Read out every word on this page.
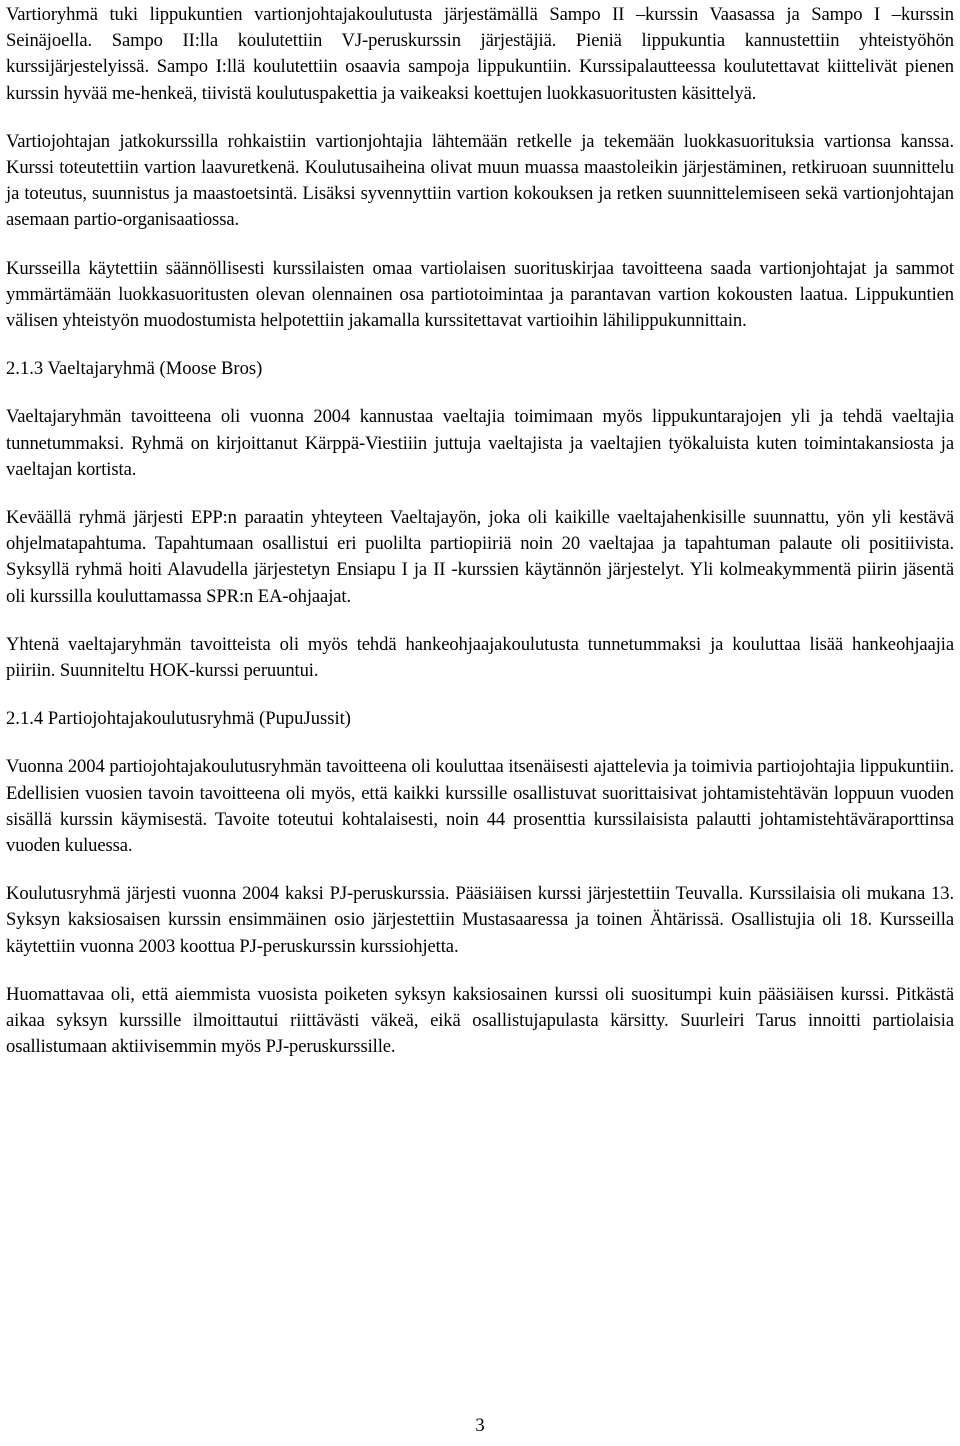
Vartioryhmä tuki lippukuntien vartionjohtajakoulutusta järjestämällä Sampo II –kurssin Vaasassa ja Sampo I –kurssin Seinäjoella. Sampo II:lla koulutettiin VJ-peruskurssin järjestäjiä. Pieniä lippukuntia kannustettiin yhteistyöhön kurssijärjestelyissä. Sampo I:llä koulutettiin osaavia sampoja lippukuntiin. Kurssipalautteessa koulutettavat kiittelivät pienen kurssin hyvää me-henkeä, tiivistä koulutuspakettia ja vaikeaksi koettujen luokkasuoritusten käsittelyä.

Vartiojohtajan jatkokurssilla rohkaistiin vartionjohtajia lähtemään retkelle ja tekemään luokkasuorituksia vartionsa kanssa. Kurssi toteutettiin vartion laavuretkenä. Koulutusaiheina olivat muun muassa maastoleikin järjestäminen, retkiruoan suunnittelu ja toteutus, suunnistus ja maastoetsintä. Lisäksi syvennyttiin vartion kokouksen ja retken suunnittelemiseen sekä vartionjohtajan asemaan partio-organisaatiossa.

Kursseilla käytettiin säännöllisesti kurssilaisten omaa vartiolaisen suorituskirjaa tavoitteena saada vartionjohtajat ja sammot ymmärtämään luokkasuoritusten olevan olennainen osa partiotoimintaa ja parantavan vartion kokousten laatua. Lippukuntien välisen yhteistyön muodostumista helpotettiin jakamalla kurssitettavat vartioihin lähilippukunnittain.

2.1.3 Vaeltajaryhmä (Moose Bros)

Vaeltajaryhmän tavoitteena oli vuonna 2004 kannustaa vaeltajia toimimaan myös lippukuntarajojen yli ja tehdä vaeltajia tunnetummaksi. Ryhmä on kirjoittanut Kärppä-Viestiiin juttuja vaeltajista ja vaeltajien työkaluista kuten toimintakansiosta ja vaeltajan kortista.

Keväällä ryhmä järjesti EPP:n paraatin yhteyteen Vaeltajayön, joka oli kaikille vaeltajahenkisille suunnattu, yön yli kestävä ohjelmatapahtuma. Tapahtumaan osallistui eri puolilta partiopiiriä noin 20 vaeltajaa ja tapahtuman palaute oli positiivista. Syksyllä ryhmä hoiti Alavudella järjestetyn Ensiapu I ja II -kurssien käytännön järjestelyt. Yli kolmeakymmentä piirin jäsentä oli kurssilla kouluttamassa SPR:n EA-ohjaajat.

Yhtenä vaeltajaryhmän tavoitteista oli myös tehdä hankeohjaajakoulutusta tunnetummaksi ja kouluttaa lisää hankeohjaajia piiriin. Suunniteltu HOK-kurssi peruuntui.

2.1.4 Partiojohtajakoulutusryhmä (PupuJussit)

Vuonna 2004 partiojohtajakoulutusryhmän tavoitteena oli kouluttaa itsenäisesti ajattelevia ja toimivia partiojohtajia lippukuntiin. Edellisien vuosien tavoin tavoitteena oli myös, että kaikki kurssille osallistuvat suorittaisivat johtamistehtävän loppuun vuoden sisällä kurssin käymisestä. Tavoite toteutui kohtalaisesti, noin 44 prosenttia kurssilaisista palautti johtamistehtäväraporttinsa vuoden kuluessa.

Koulutusryhmä järjesti vuonna 2004 kaksi PJ-peruskurssia. Pääsiäisen kurssi järjestettiin Teuvalla. Kurssilaisia oli mukana 13. Syksyn kaksiosaisen kurssin ensimmäinen osio järjestettiin Mustasaaressa ja toinen Ähtärissä. Osallistujia oli 18. Kursseilla käytettiin vuonna 2003 koottua PJ-peruskurssin kurssiohjetta.

Huomattavaa oli, että aiemmista vuosista poiketen syksyn kaksiosainen kurssi oli suositumpi kuin pääsiäisen kurssi. Pitkästä aikaa syksyn kurssille ilmoittautui riittävästi väkeä, eikä osallistujapulasta kärsitty. Suurleiri Tarus innoitti partiolaisia osallistumaan aktiivisemmin myös PJ-peruskurssille.

3
